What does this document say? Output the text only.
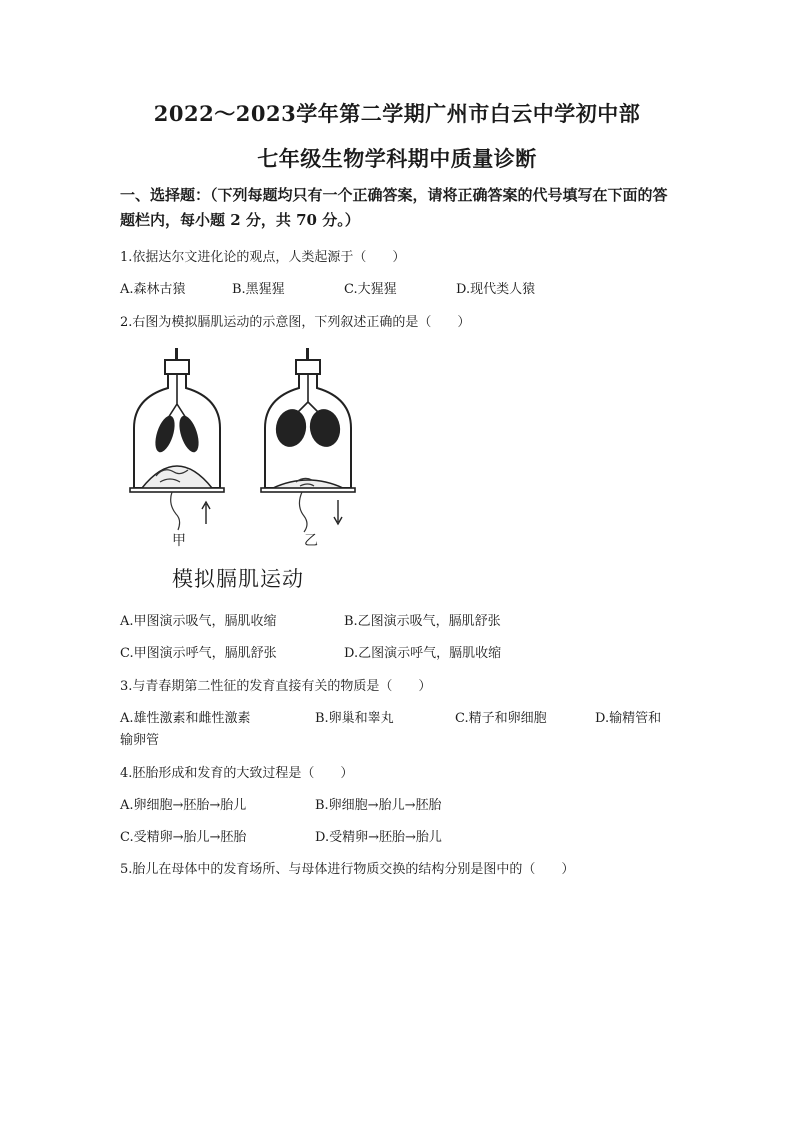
2022～2023学年第二学期广州市白云中学初中部
七年级生物学科期中质量诊断
一、选择题：（下列每题均只有一个正确答案，请将正确答案的代号填写在下面的答题栏内，每小题 2 分，共 70 分。）
1.依据达尔文进化论的观点，人类起源于（　　）
A.森林古猿	B.黑猩猩	C.大猩猩	D.现代类人猿
2.右图为模拟膈肌运动的示意图，下列叙述正确的是（　　）
甲	乙
模拟膈肌运动
A.甲图演示吸气，膈肌收缩	B.乙图演示吸气，膈肌舒张
C.甲图演示呼气，膈肌舒张	D.乙图演示呼气，膈肌收缩
3.与青春期第二性征的发育直接有关的物质是（　　）
A.雄性激素和雌性激素	B.卵巢和睾丸	C.精子和卵细胞	D.输精管和
输卵管
4.胚胎形成和发育的大致过程是（　　）
A.卵细胞→胚胎→胎儿	B.卵细胞→胎儿→胚胎
C.受精卵→胎儿→胚胎	D.受精卵→胚胎→胎儿
5.胎儿在母体中的发育场所、与母体进行物质交换的结构分别是图中的（　　）
